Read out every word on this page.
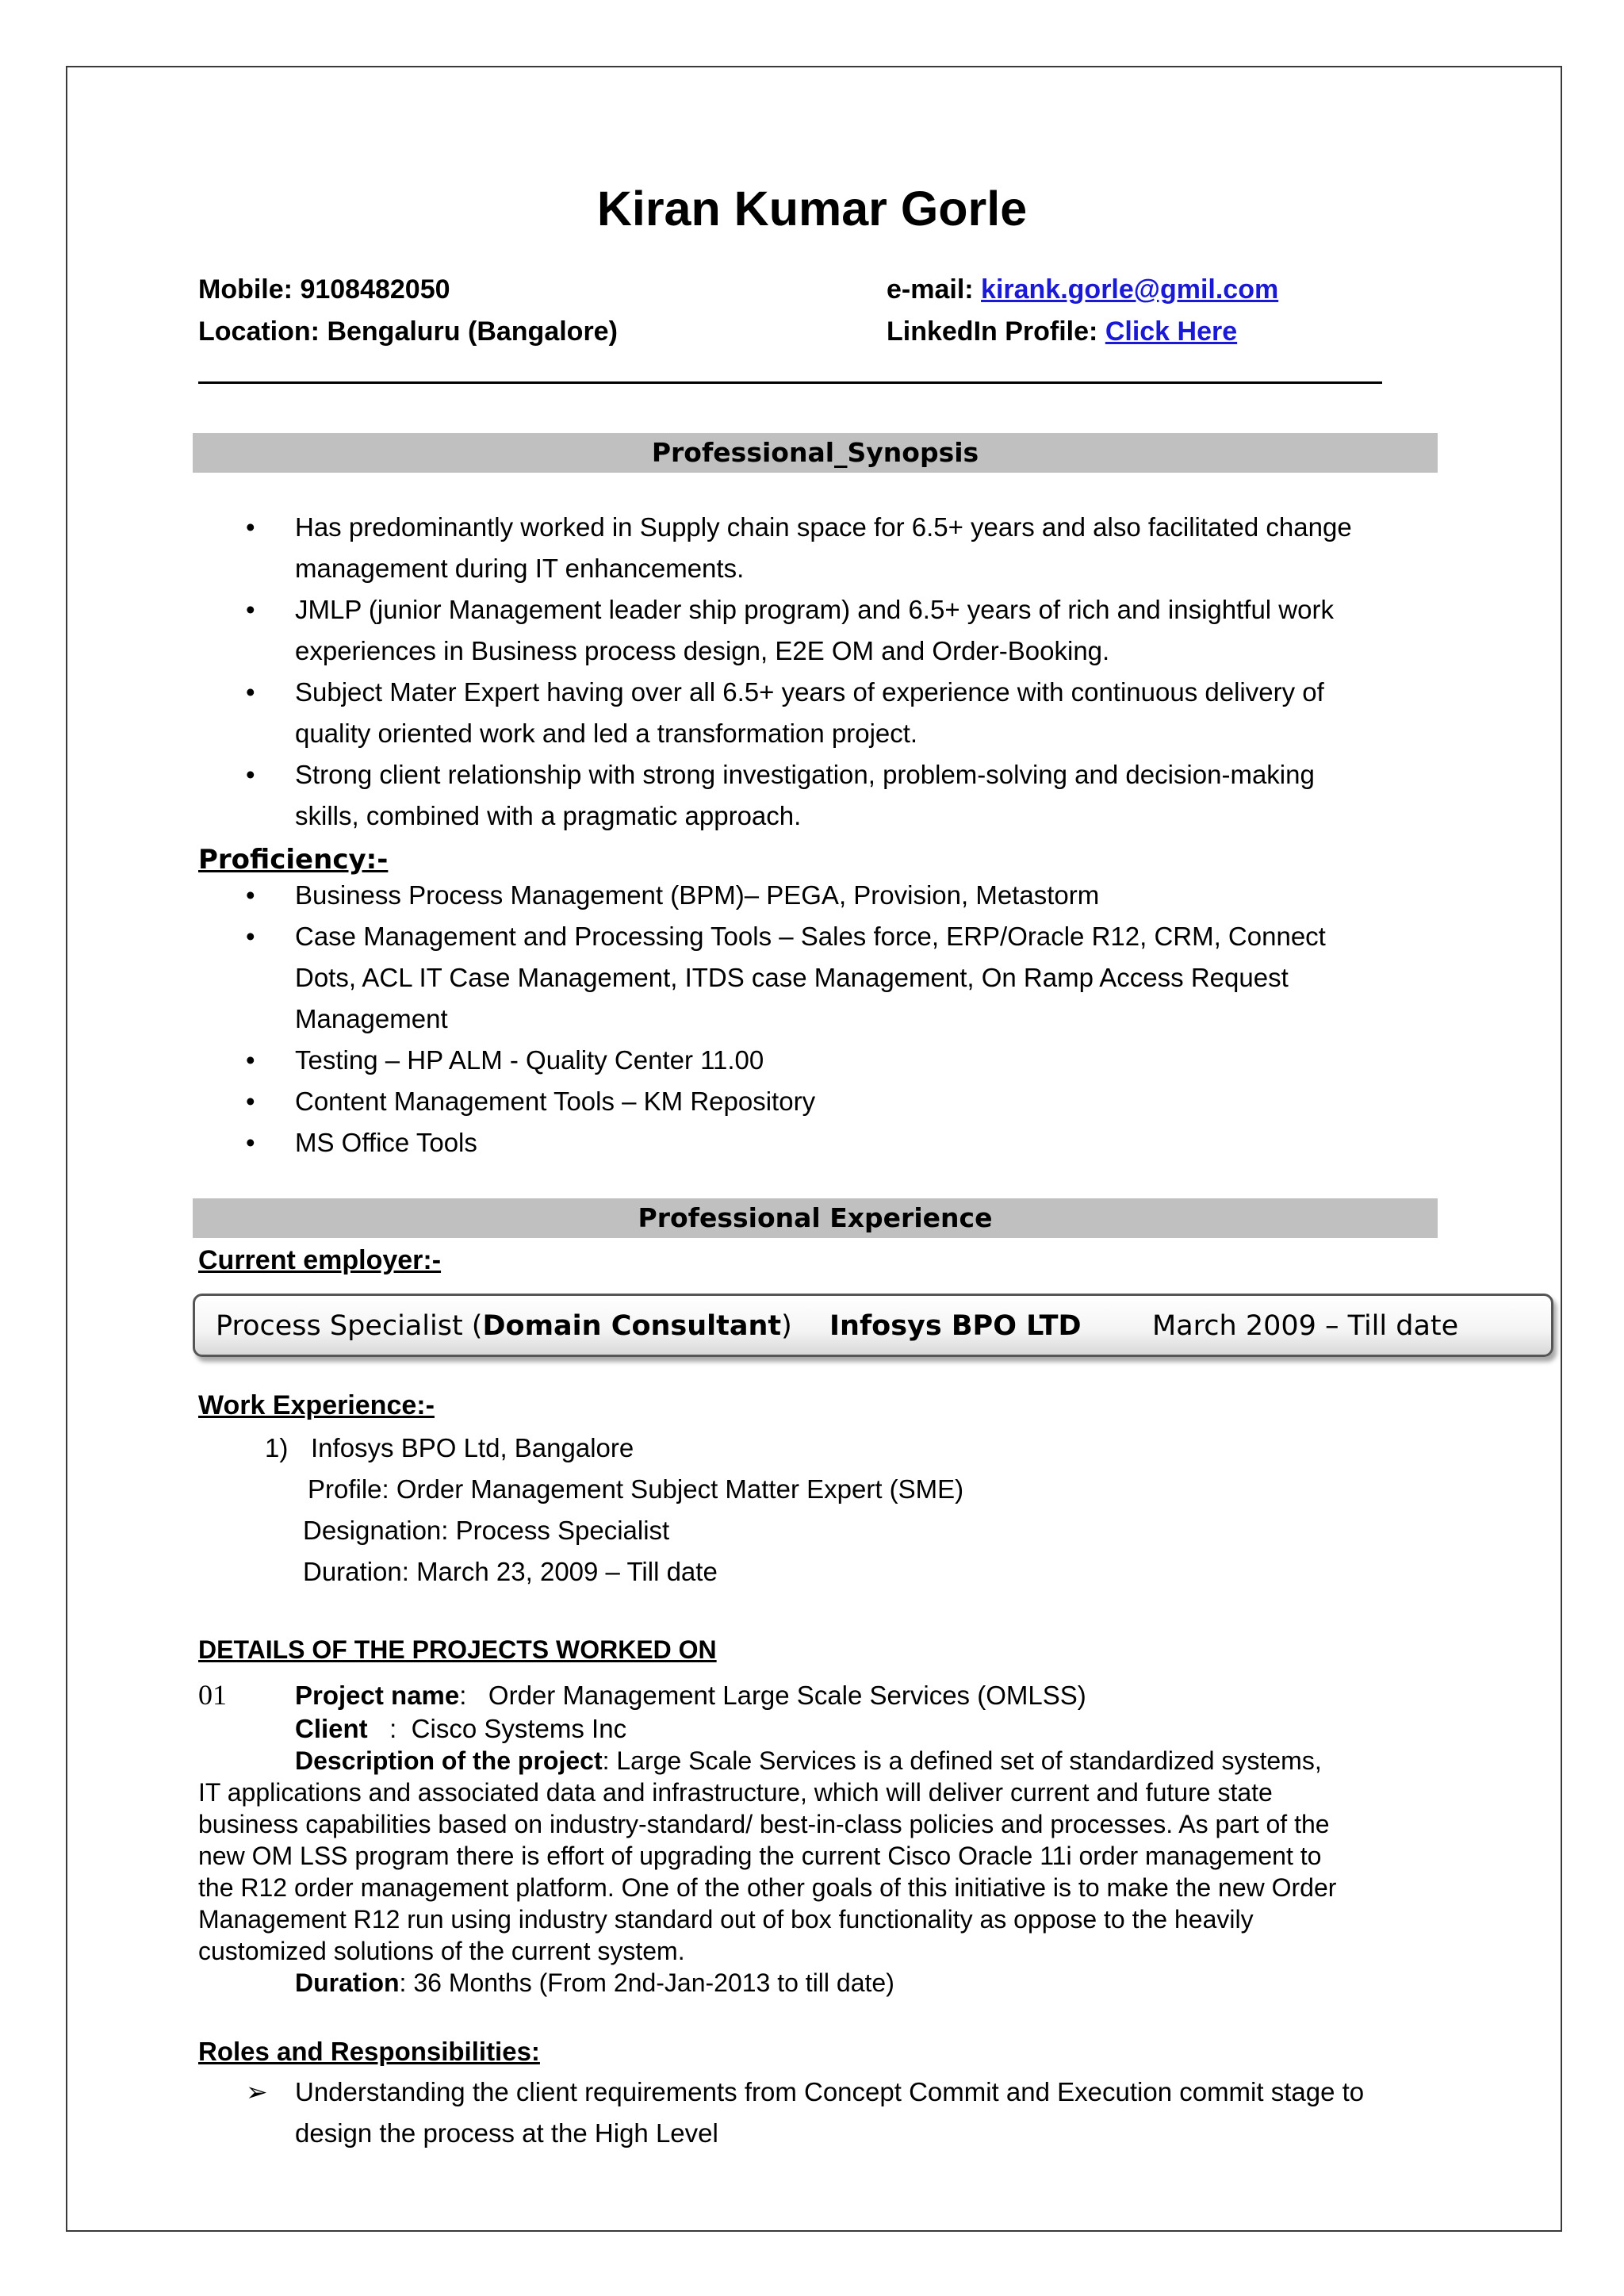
Kiran Kumar Gorle
Mobile: 9108482050
Location: Bengaluru (Bangalore)
e-mail: kirank.gorle@gmil.com
LinkedIn Profile: Click Here
Professional_Synopsis
• Has predominantly worked in Supply chain space for 6.5+ years and also facilitated change
management during IT enhancements.
• JMLP (junior Management leader ship program) and 6.5+ years of rich and insightful work
experiences in Business process design, E2E OM and Order-Booking.
• Subject Mater Expert having over all 6.5+ years of experience with continuous delivery of
quality oriented work and led a transformation project.
• Strong client relationship with strong investigation, problem-solving and decision-making
skills, combined with a pragmatic approach.
Proficiency:-
• Business Process Management (BPM)– PEGA, Provision, Metastorm
• Case Management and Processing Tools – Sales force, ERP/Oracle R12, CRM, Connect
Dots, ACL IT Case Management, ITDS case Management, On Ramp Access Request
Management
• Testing – HP ALM - Quality Center 11.00
• Content Management Tools – KM Repository
• MS Office Tools
Professional Experience
Current employer:-
Process Specialist (Domain Consultant) Infosys BPO LTD	March 2009 – Till date
Work Experience:-
1) Infosys BPO Ltd, Bangalore
Profile: Order Management Subject Matter Expert (SME)
Designation: Process Specialist
Duration: March 23, 2009 – Till date
DETAILS OF THE PROJECTS WORKED ON
01	Project name:   Order Management Large Scale Services (OMLSS)
Client   :  Cisco Systems Inc
Description of the project: Large Scale Services is a defined set of standardized systems,
IT applications and associated data and infrastructure, which will deliver current and future state
business capabilities based on industry-standard/ best-in-class policies and processes. As part of the
new OM LSS program there is effort of upgrading the current Cisco Oracle 11i order management to
the R12 order management platform. One of the other goals of this initiative is to make the new Order
Management R12 run using industry standard out of box functionality as oppose to the heavily
customized solutions of the current system.
Duration: 36 Months (From 2nd-Jan-2013 to till date)
Roles and Responsibilities:
➢ Understanding the client requirements from Concept Commit and Execution commit stage to
design the process at the High Level
